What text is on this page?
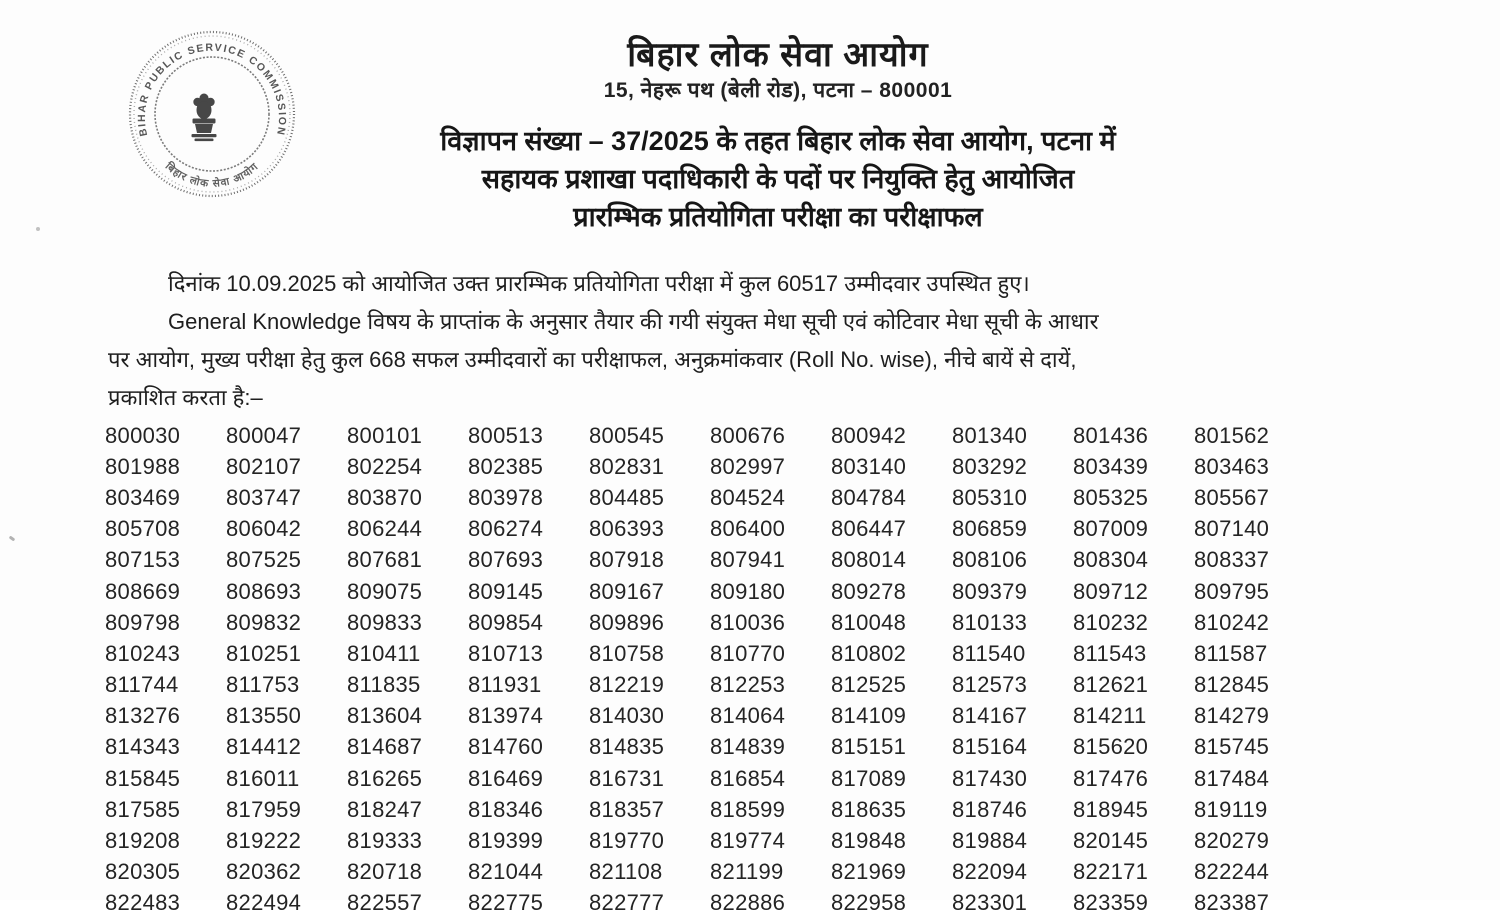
BIHAR PUBLIC SERVICE COMMISSION
बिहार लोक सेवा आयोग
बिहार लोक सेवा आयोग
15, नेहरू पथ (बेली रोड), पटना – 800001
विज्ञापन संख्या – 37/2025 के तहत बिहार लोक सेवा आयोग, पटना में
सहायक प्रशाखा पदाधिकारी के पदों पर नियुक्ति हेतु आयोजित
प्रारम्भिक प्रतियोगिता परीक्षा का परीक्षाफल
दिनांक 10.09.2025 को आयोजित उक्त प्रारम्भिक प्रतियोगिता परीक्षा में कुल 60517 उम्मीदवार उपस्थित हुए।
General Knowledge विषय के प्राप्तांक के अनुसार तैयार की गयी संयुक्त मेधा सूची एवं कोटिवार मेधा सूची के आधार
पर आयोग, मुख्य परीक्षा हेतु कुल 668 सफल उम्मीदवारों का परीक्षाफल, अनुक्रमांकवार (Roll No. wise), नीचे बायें से दायें,
प्रकाशित करता है:–
800030 800047 800101 800513 800545 800676 800942 801340 801436 801562
801988 802107 802254 802385 802831 802997 803140 803292 803439 803463
803469 803747 803870 803978 804485 804524 804784 805310 805325 805567
805708 806042 806244 806274 806393 806400 806447 806859 807009 807140
807153 807525 807681 807693 807918 807941 808014 808106 808304 808337
808669 808693 809075 809145 809167 809180 809278 809379 809712 809795
809798 809832 809833 809854 809896 810036 810048 810133 810232 810242
810243 810251 810411 810713 810758 810770 810802 811540 811543 811587
811744 811753 811835 811931 812219 812253 812525 812573 812621 812845
813276 813550 813604 813974 814030 814064 814109 814167 814211 814279
814343 814412 814687 814760 814835 814839 815151 815164 815620 815745
815845 816011 816265 816469 816731 816854 817089 817430 817476 817484
817585 817959 818247 818346 818357 818599 818635 818746 818945 819119
819208 819222 819333 819399 819770 819774 819848 819884 820145 820279
820305 820362 820718 821044 821108 821199 821969 822094 822171 822244
822483 822494 822557 822775 822777 822886 822958 823301 823359 823387
